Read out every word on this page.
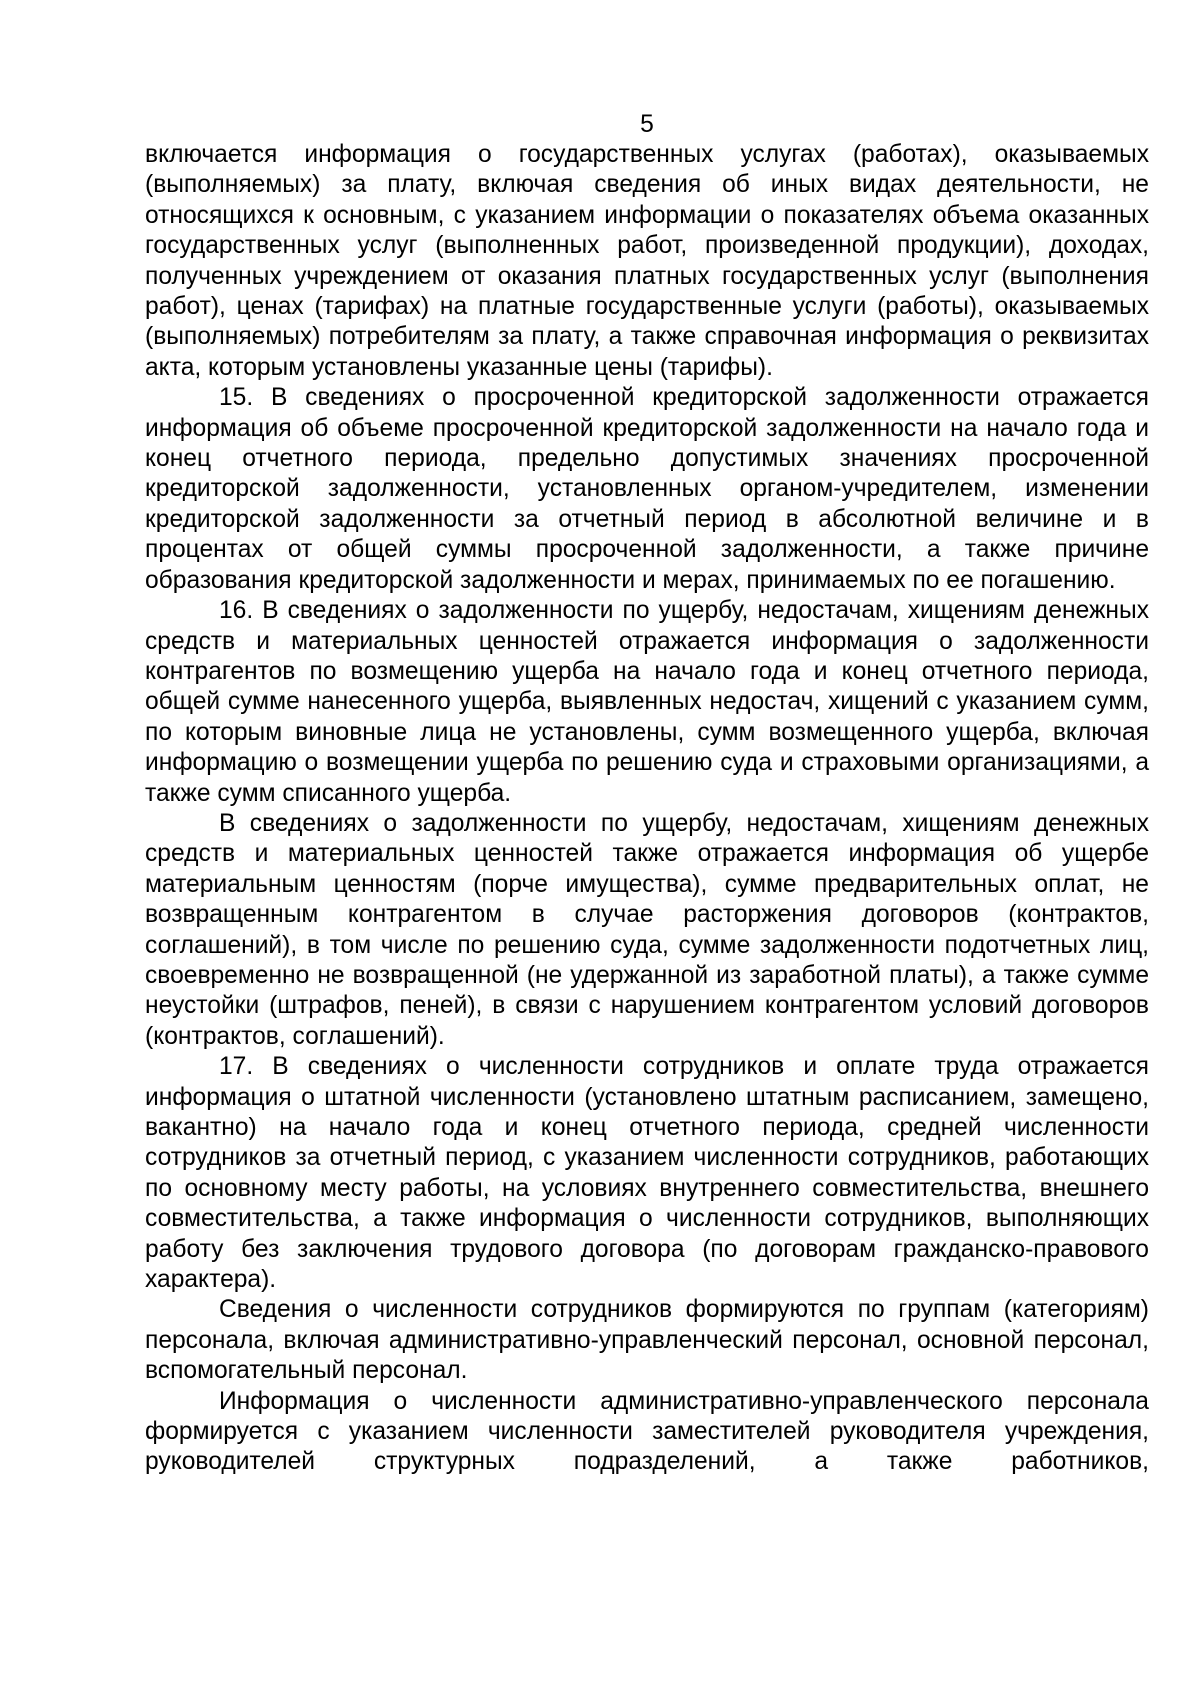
5

включается информация о государственных услугах (работах), оказываемых (выполняемых) за плату, включая сведения об иных видах деятельности, не относящихся к основным, с указанием информации о показателях объема оказанных государственных услуг (выполненных работ, произведенной продукции), доходах, полученных учреждением от оказания платных государственных услуг (выполнения работ), ценах (тарифах) на платные государственные услуги (работы), оказываемых (выполняемых) потребителям за плату, а также справочная информация о реквизитах акта, которым установлены указанные цены (тарифы).

15. В сведениях о просроченной кредиторской задолженности отражается информация об объеме просроченной кредиторской задолженности на начало года и конец отчетного периода, предельно допустимых значениях просроченной кредиторской задолженности, установленных органом-учредителем, изменении кредиторской задолженности за отчетный период в абсолютной величине и в процентах от общей суммы просроченной задолженности, а также причине образования кредиторской задолженности и мерах, принимаемых по ее погашению.

16. В сведениях о задолженности по ущербу, недостачам, хищениям денежных средств и материальных ценностей отражается информация о задолженности контрагентов по возмещению ущерба на начало года и конец отчетного периода, общей сумме нанесенного ущерба, выявленных недостач, хищений с указанием сумм, по которым виновные лица не установлены, сумм возмещенного ущерба, включая информацию о возмещении ущерба по решению суда и страховыми организациями, а также сумм списанного ущерба.

В сведениях о задолженности по ущербу, недостачам, хищениям денежных средств и материальных ценностей также отражается информация об ущербе материальным ценностям (порче имущества), сумме предварительных оплат, не возвращенным контрагентом в случае расторжения договоров (контрактов, соглашений), в том числе по решению суда, сумме задолженности подотчетных лиц, своевременно не возвращенной (не удержанной из заработной платы), а также сумме неустойки (штрафов, пеней), в связи с нарушением контрагентом условий договоров (контрактов, соглашений).

17. В сведениях о численности сотрудников и оплате труда отражается информация о штатной численности (установлено штатным расписанием, замещено, вакантно) на начало года и конец отчетного периода, средней численности сотрудников за отчетный период, с указанием численности сотрудников, работающих по основному месту работы, на условиях внутреннего совместительства, внешнего совместительства, а также информация о численности сотрудников, выполняющих работу без заключения трудового договора (по договорам гражданско-правового характера).

Сведения о численности сотрудников формируются по группам (категориям) персонала, включая административно-управленческий персонал, основной персонал, вспомогательный персонал.

Информация о численности административно-управленческого персонала формируется с указанием численности заместителей руководителя учреждения, руководителей структурных подразделений, а также работников,
